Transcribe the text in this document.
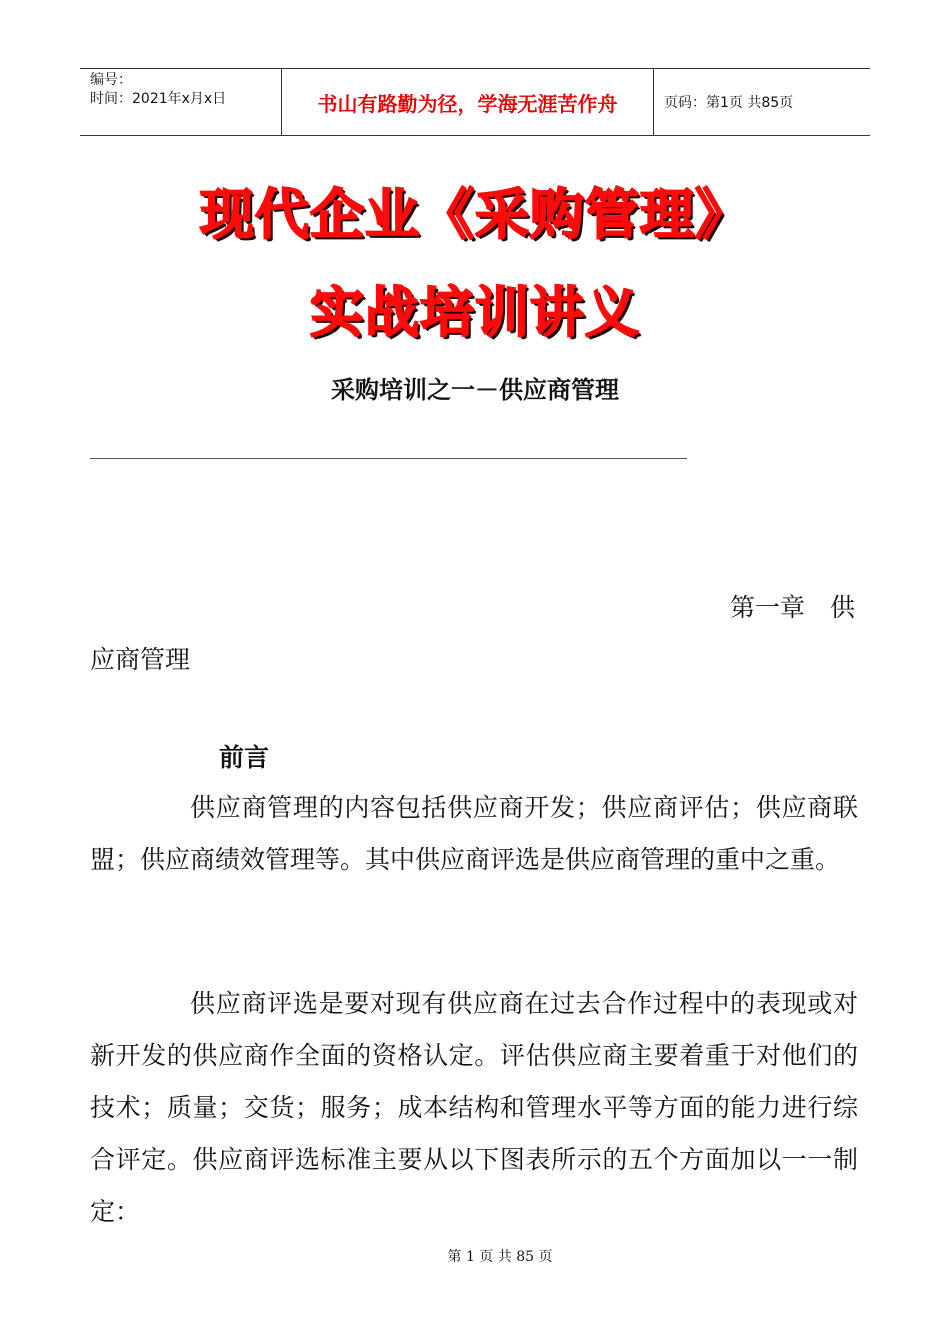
编号：
时间：2021年x月x日	书山有路勤为径，学海无涯苦作舟	页码：第1页 共85页
现代企业《采购管理》
实战培训讲义
采购培训之一－供应商管理
第一章　供
应商管理
前言
供应商管理的内容包括供应商开发；供应商评估；供应商联盟；供应商绩效管理等。其中供应商评选是供应商管理的重中之重。
供应商评选是要对现有供应商在过去合作过程中的表现或对新开发的供应商作全面的资格认定。评估供应商主要着重于对他们的技术；质量；交货；服务；成本结构和管理水平等方面的能力进行综合评定。供应商评选标准主要从以下图表所示的五个方面加以一一制定：
第 1 页 共 85 页
